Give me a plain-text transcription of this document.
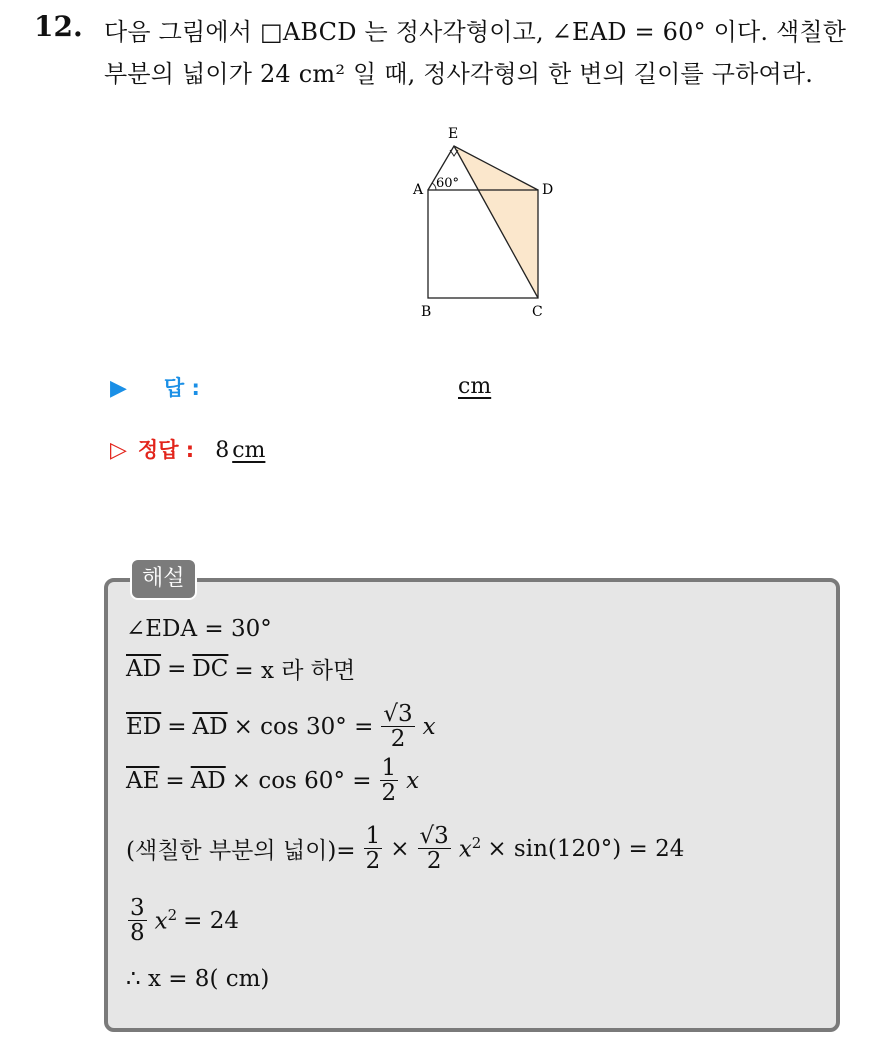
12. 다음 그림에서 □ABCD 는 정사각형이고, ∠EAD = 60° 이다. 색칠한
부분의 넓이가 24 cm² 일 때, 정사각형의 한 변의 길이를 구하여라.
E
A	D
B	C
60°
▶ 답 :	cm
▷ 정답 : 8 cm
해설
∠EDA = 30°
$\overline{AD} = \overline{DC} = x$ 라 하면
$\overline{ED} = \overline{AD} \times \cos 30^\circ = \frac{√3}{2}$ x
$\overline{AE} = \overline{AD} \times \cos 60^\circ = \frac{1}{2}$ x
(색칠한 부분의 넓이)= $\frac{1}{2} \times \frac{√3}{2} x^2 \times \sin(120^\circ) = 24$
$\frac{3}{8} x^2 = 24$
∴ x = 8( cm)
